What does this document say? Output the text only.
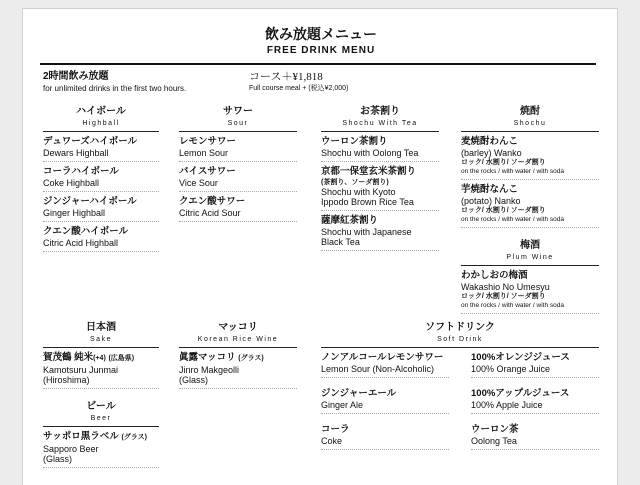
飲み放題メニュー
FREE DRINK MENU
2時間飲み放題
for unlimited drinks in the first two hours.
コース＋¥1,818
Full course meal + (税込¥2,000)
ハイボール
Highball
デュワーズハイボール
Dewars Highball
コーラハイボール
Coke Highball
ジンジャーハイボール
Ginger Highball
クエン酸ハイボール
Citric Acid Highball
サワー
Sour
レモンサワー
Lemon Sour
バイスサワー
Vice Sour
クエン酸サワー
Citric Acid Sour
お茶割り
Shochu With Tea
ウーロン茶割り
Shochu with Oolong Tea
京都一保堂玄米茶割り
(茶割り、ソーダ割り)
Shochu with Kyoto Ippodo Brown Rice Tea
薩摩紅茶割り
Shochu with Japanese Black Tea
焼酎
Shochu
麦焼酎わんこ
(barley) Wanko
ロック/ 水割り/ ソーダ割り
on the rocks / with water / with soda
芋焼酎なんこ
(potato) Nanko
ロック/ 水割り/ ソーダ割り
on the rocks / with water / with soda
梅酒
Plum Wine
わかしおの梅酒
Wakashio No Umesyu
ロック/ 水割り/ ソーダ割り
on the rocks / with water / with soda
日本酒
Sake
賀茂鶴 純米(+4) (広島県)
Kamotsuru Junmai (Hiroshima)
ビール
Beer
サッポロ黒ラベル (グラス)
Sapporo Beer (Glass)
マッコリ
Korean Rice Wine
眞露マッコリ (グラス)
Jinro Makgeolli (Glass)
ソフトドリンク
Soft Drink
ノンアルコールレモンサワー
Lemon Sour (Non-Alcoholic)
ジンジャーエール
Ginger Ale
コーラ
Coke
100%オレンジジュース
100% Orange Juice
100%アップルジュース
100% Apple Juice
ウーロン茶
Oolong Tea
